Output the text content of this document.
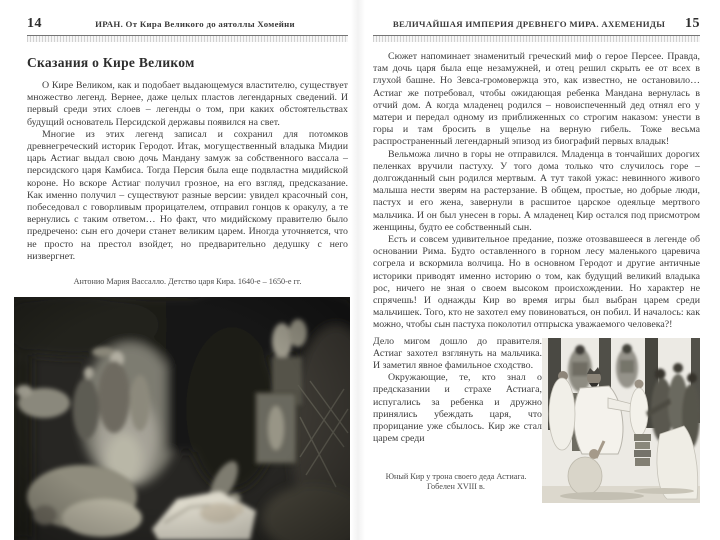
14	ИРАН. От Кира Великого до аятоллы Хомейни
Сказания о Кире Великом

О Кире Великом, как и подобает выдающемуся властителю, существует множество легенд. Вернее, даже целых пластов легендарных сведений. И первый среди этих слоев – легенды о том, при каких обстоятельствах будущий основатель Персидской державы появился на свет.

Многие из этих легенд записал и сохранил для потомков древнегреческий историк Геродот. Итак, могущественный владыка Мидии царь Астиаг выдал свою дочь Мандану замуж за собственного вассала – персидского царя Камбиса. Тогда Персия была еще подвластна мидийской короне. Но вскоре Астиаг получил грозное, на его взгляд, предсказание. Как именно получил – существуют разные версии: увидел красочный сон, побеседовал с говорливым прорицателем, отправил гонцов к оракулу, а те вернулись с таким ответом… Но факт, что мидийскому правителю было предречено: сын его дочери станет великим царем. Иногда уточняется, что не просто на престол взойдет, но предварительно дедушку с него низвергнет.

Антонио Мария Вассалло. Детство царя Кира. 1640-е – 1650-е гг.
ВЕЛИЧАЙШАЯ ИМПЕРИЯ ДРЕВНЕГО МИРА. АХЕМЕНИДЫ	15

Сюжет напоминает знаменитый греческий миф о герое Персее. Правда, там дочь царя была еще незамужней, и отец решил скрыть ее от всех в глухой башне. Но Зевса-громовержца это, как известно, не остановило… Астиаг же потребовал, чтобы ожидающая ребенка Мандана вернулась в отчий дом. А когда младенец родился – новоиспеченный дед отнял его у матери и передал одному из приближенных со строгим наказом: унести в горы и там бросить в ущелье на верную гибель. Тоже весьма распространенный легендарный эпизод из биографий первых владык!

Вельможа лично в горы не отправился. Младенца в тончайших дорогих пеленках вручили пастуху. У того дома только что случилось горе – долгожданный сын родился мертвым. А тут такой ужас: невинного живого малыша нести зверям на растерзание. В общем, простые, но добрые люди, пастух и его жена, завернули в расшитое царское одеяльце мертвого мальчика. И он был унесен в горы. А младенец Кир остался под присмотром женщины, будто ее собственный сын.

Есть и совсем удивительное предание, позже отозвавшееся в легенде об основании Рима. Будто оставленного в горном лесу маленького царевича согрела и вскормила волчица. Но в основном Геродот и другие античные историки приводят именно историю о том, как будущий великий владыка рос, ничего не зная о своем высоком происхождении. Но характер не спрячешь! И однажды Кир во время игры был выбран царем среди мальчишек. Того, кто не захотел ему повиноваться, он побил. И началось: как можно, чтобы сын пастуха поколотил отпрыска уважаемого человека?!

Дело мигом дошло до правителя. Астиаг захотел взглянуть на мальчика. И заметил явное фамильное сходство.

Окружающие, те, кто знал о предсказании и страхе Астиага, испугались за ребенка и дружно принялись убеждать царя, что прорицание уже сбылось. Кир же стал царем среди

Юный Кир у трона своего деда Астиага. Гобелен XVIII в.
